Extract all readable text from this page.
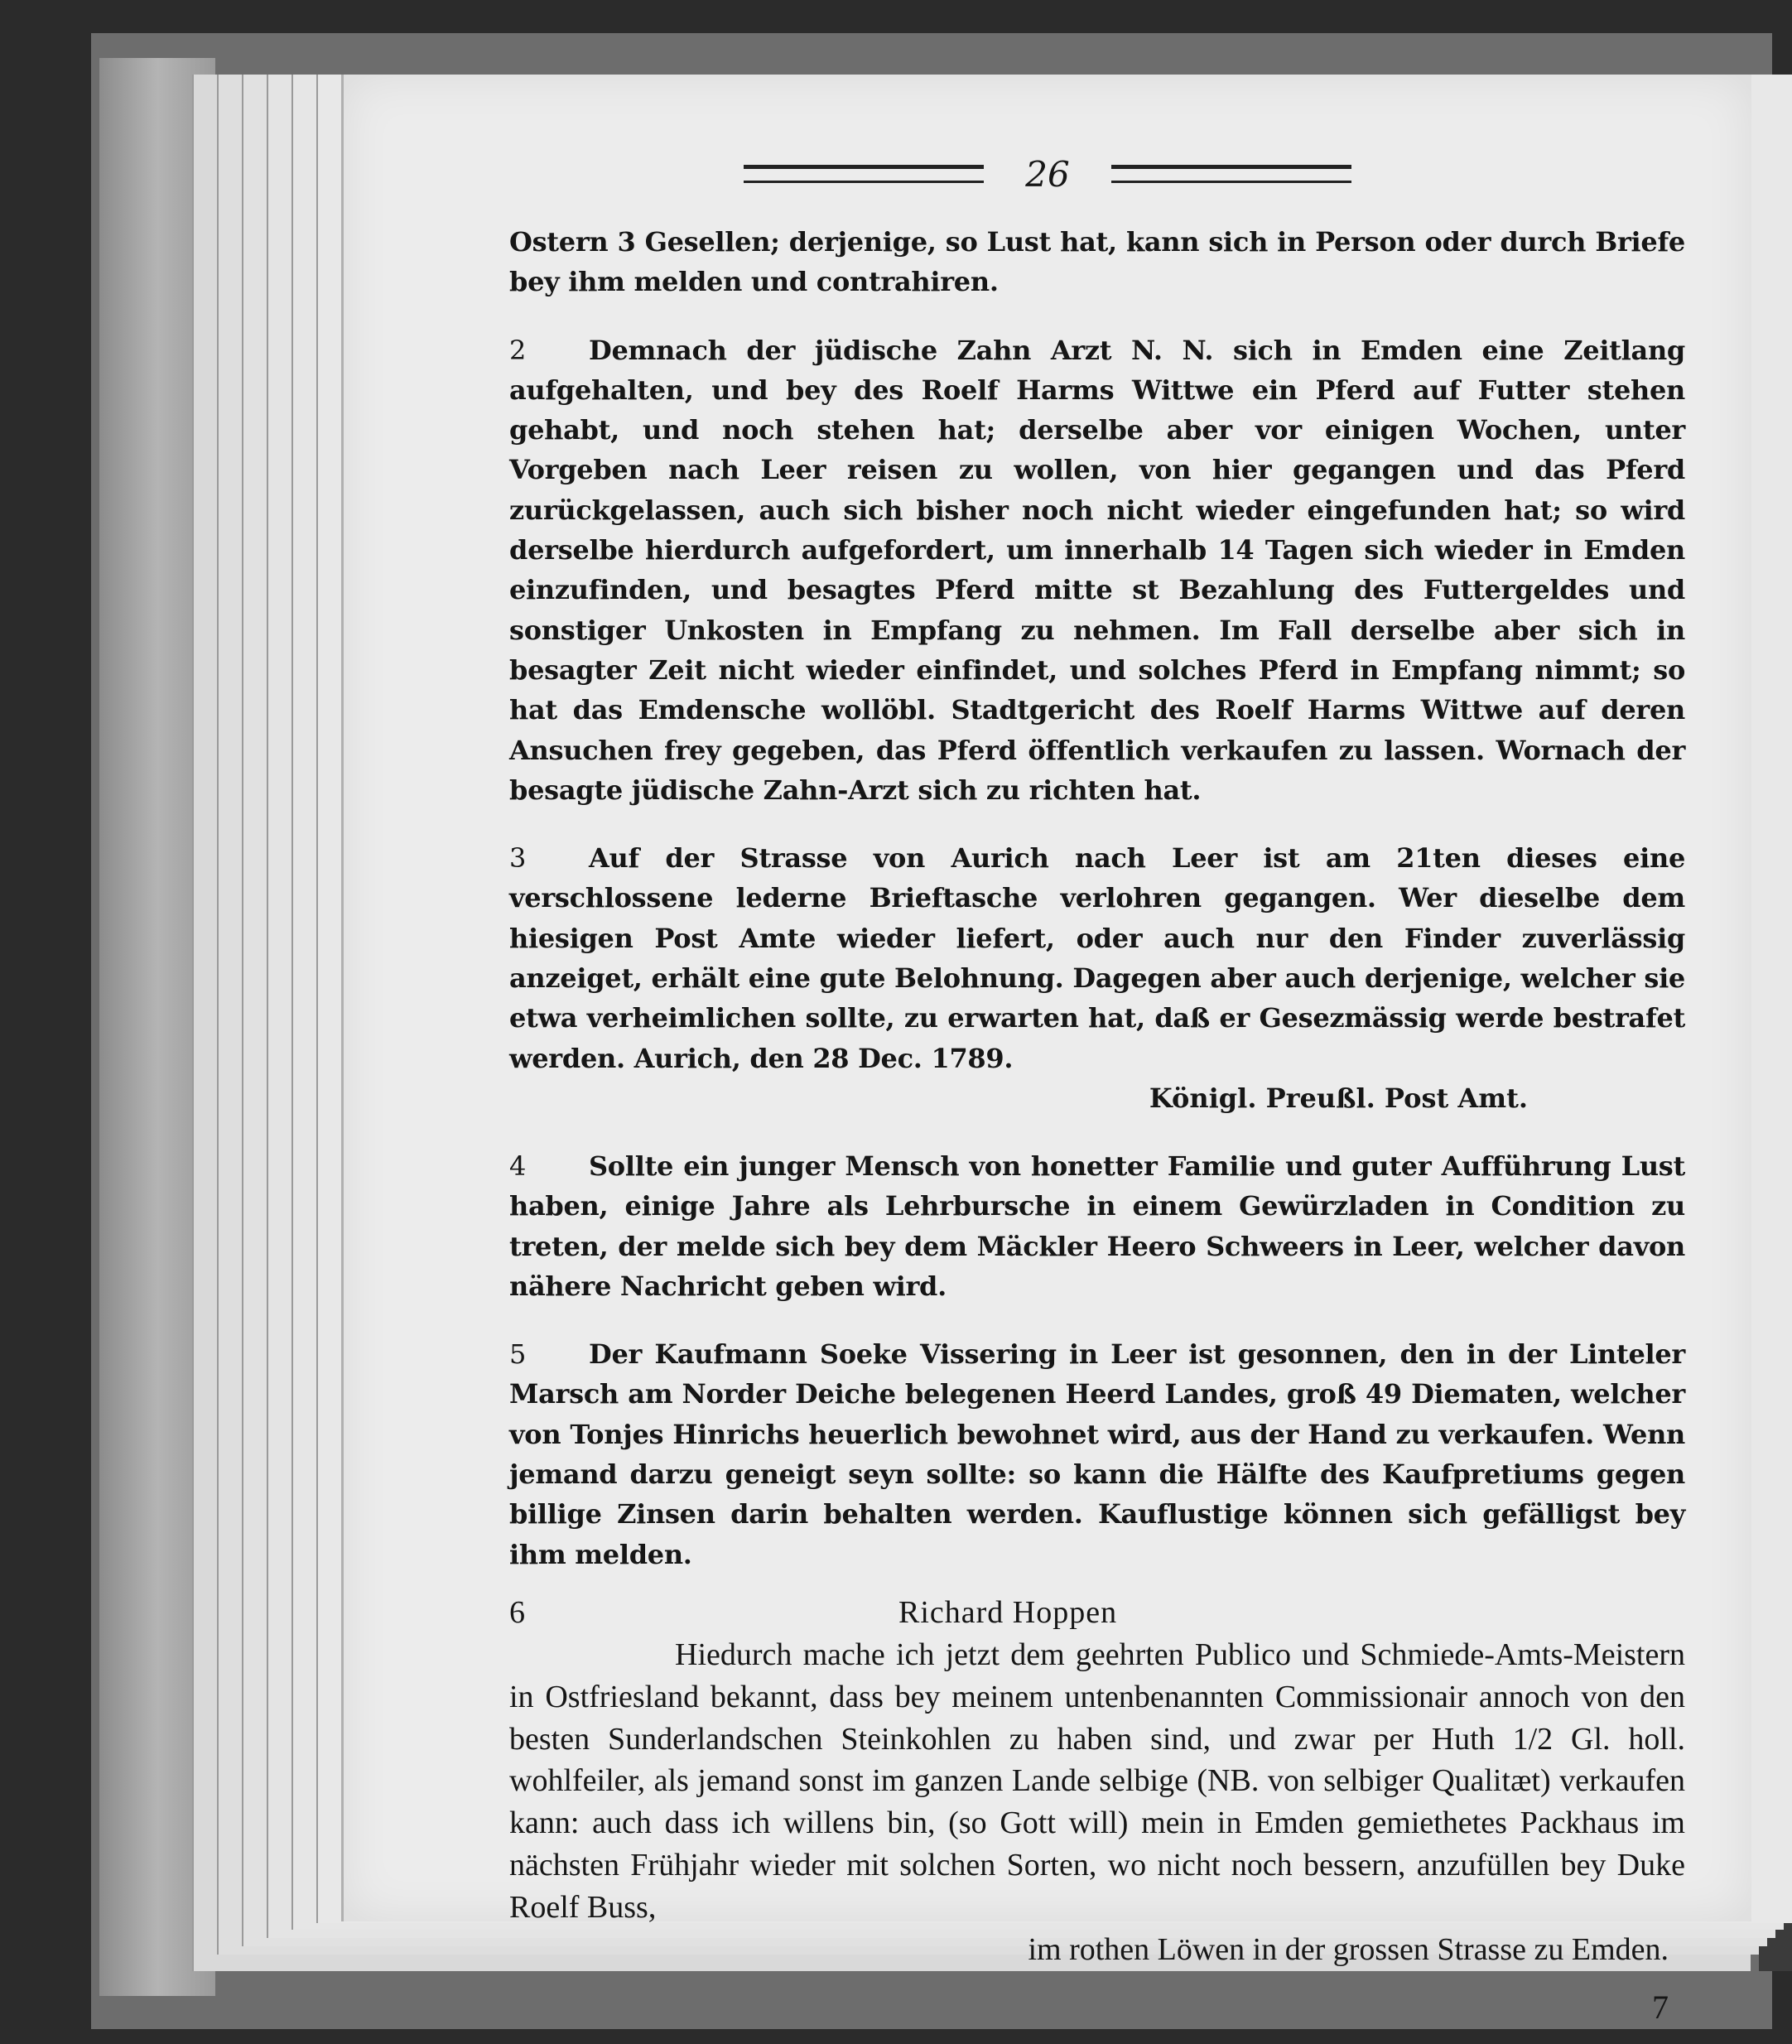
26

Ostern 3 Gesellen; derjenige, so Lust hat, kann sich in Person oder durch Briefe bey ihm melden und contrahiren.

2 Demnach der jüdische Zahn Arzt N. N. sich in Emden eine Zeitlang aufgehalten, und bey des Roelf Harms Wittwe ein Pferd auf Futter stehen gehabt, und noch stehen hat; derselbe aber vor einigen Wochen, unter Vorgeben nach Leer reisen zu wollen, von hier gegangen und das Pferd zurückgelassen, auch sich bisher noch nicht wieder eingefunden hat; so wird derselbe hierdurch aufgefordert, um innerhalb 14 Tagen sich wieder in Emden einzufinden, und besagtes Pferd mitte st Bezahlung des Futtergeldes und sonstiger Unkosten in Empfang zu nehmen. Im Fall derselbe aber sich in besagter Zeit nicht wieder einfindet, und solches Pferd in Empfang nimmt; so hat das Emdensche wollöbl. Stadtgericht des Roelf Harms Wittwe auf deren Ansuchen frey gegeben, das Pferd öffentlich verkaufen zu lassen. Wornach der besagte jüdische Zahn-Arzt sich zu richten hat.

3 Auf der Strasse von Aurich nach Leer ist am 21ten dieses eine verschlossene lederne Brieftasche verlohren gegangen. Wer dieselbe dem hiesigen Post Amte wieder liefert, oder auch nur den Finder zuverlässig anzeiget, erhält eine gute Belohnung. Dagegen aber auch derjenige, welcher sie etwa verheimlichen sollte, zu erwarten hat, daß er Gesezmässig werde bestrafet werden. Aurich, den 28 Dec. 1789.

Königl. Preußl. Post Amt.

4 Sollte ein junger Mensch von honetter Familie und guter Aufführung Lust haben, einige Jahre als Lehrbursche in einem Gewürzladen in Condition zu treten, der melde sich bey dem Mäckler Heero Schweers in Leer, welcher davon nähere Nachricht geben wird.

5 Der Kaufmann Soeke Vissering in Leer ist gesonnen, den in der Linteler Marsch am Norder Deiche belegenen Heerd Landes, groß 49 Diematen, welcher von Tonjes Hinrichs heuerlich bewohnet wird, aus der Hand zu verkaufen. Wenn jemand darzu geneigt seyn sollte: so kann die Hälfte des Kaufpretiums gegen billige Zinsen darin behalten werden. Kauflustige können sich gefälligst bey ihm melden.

6	Richard Hoppen

Hiedurch mache ich jetzt dem geehrten Publico und Schmiede-Amts-Meistern in Ostfriesland bekannt, dass bey meinem untenbenannten Commissionair annoch von den besten Sunderlandschen Steinkohlen zu haben sind, und zwar per Huth 1/2 Gl. holl. wohlfeiler, als jemand sonst im ganzen Lande selbige (NB. von selbiger Qualitæt) verkaufen kann: auch dass ich willens bin, (so Gott will) mein in Emden gemiethetes Packhaus im nächsten Frühjahr wieder mit solchen Sorten, wo nicht noch bessern, anzufüllen bey Duke Roelf Buss,

im rothen Löwen in der grossen Strasse zu Emden.
7
